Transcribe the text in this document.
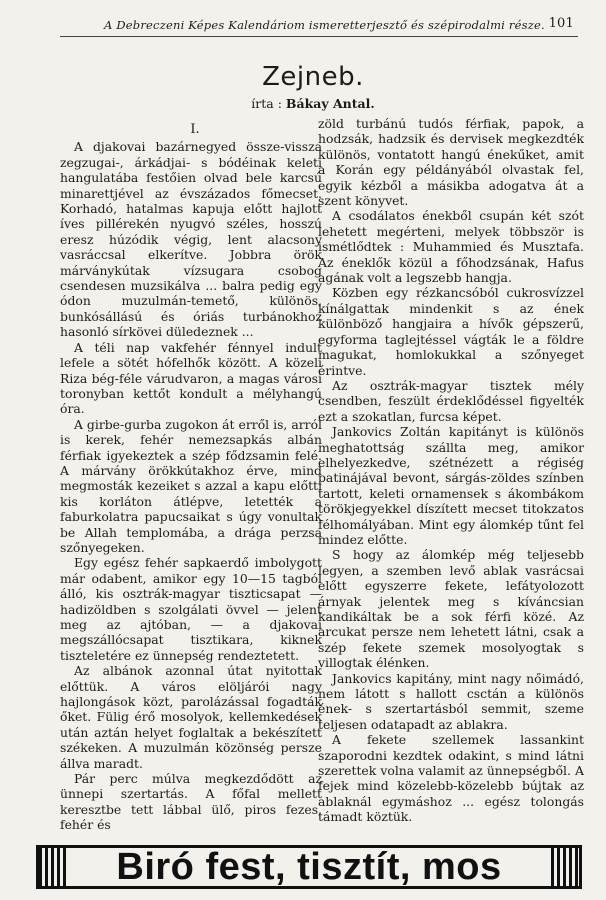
A Debreczeni Képes Kalendáriom ismeretterjesztő és szépirodalmi része. 101
Zejneb.
írta : Bákay Antal.
I.

A djakovai bazárnegyed össze-vissza zegzugai-, árkádjai- s bódéinak keleti hangulatába festőien olvad bele karcsú minarettjével az évszázados főmecset. Korhadó, hatalmas kapuja előtt hajlott íves pillérekén nyugvó széles, hosszú eresz húzódik végig, lent alacsony vasráccsal elkerítve. Jobbra örök márványkútak vízsugara csobog csendesen muzsikálva ... balra pedig egy ódon muzulmán-temető, különös, bunkósállású és óriás turbánokhoz hasonló sírkövei düledeznek ...

A téli nap vakfehér fénnyel indult lefele a sötét hófelhők között. A közeli Riza bég-féle várudvaron, a magas városi toronyban kettőt kondult a mélyhangú óra.

A girbe-gurba zugokon át erről is, arról is kerek, fehér nemezsapkás albán férfiak igyekeztek a szép fődzsamin felé. A márvány örökkútakhoz érve, mind megmosták kezeiket s azzal a kapu előtti kis korláton átlépve, letették a faburkolatra papucsaikat s úgy vonultak be Allah templomába, a drága perzsa szőnyegeken.

Egy egész fehér sapkaerdő imbolygott már odabent, amikor egy 10—15 tagból álló, kis osztrák-magyar tiszticsapat — hadizöldben s szolgálati övvel — jelent meg az ajtóban, — a djakovai megszállócsapat tisztikara, kiknek tiszteletére ez ünnepség rendeztetett.

Az albánok azonnal útat nyitottak előttük. A város elöljárói nagy hajlongások közt, parolázással fogadták őket. Fülig érő mosolyok, kellemkedések után aztán helyet foglaltak a bekészített székeken. A muzulmán közönség persze állva maradt.

Pár perc múlva megkezdődött az ünnepi szertartás. A főfal mellett keresztbe tett lábbal ülő, piros fezes, fehér és

zöld turbánú tudós férfiak, papok, a hodzsák, hadzsik és dervisek megkezdték különös, vontatott hangú énekűket, amit a Korán egy példányából olvastak fel, egyik kézből a másikba adogatva át a szent könyvet.

A csodálatos énekből csupán két szót lehetett megérteni, melyek többször is ismétlődtek : Muhammied és Musztafa. Az éneklők közül a főhodzsának, Hafus agának volt a legszebb hangja.

Közben egy rézkancsóból cukrosvízzel kínálgattak mindenkit s az ének különböző hangjaira a hívők gépszerű, egyforma taglejtéssel vágták le a földre magukat, homlokukkal a szőnyeget érintve.

Az osztrák-magyar tisztek mély csendben, feszült érdeklődéssel figyelték ezt a szokatlan, furcsa képet.

Jankovics Zoltán kapitányt is különös meghatottság szállta meg, amikor elhelyezkedve, szétnézett a régiség patinájával bevont, sárgás-zöldes színben tartott, keleti ornamensek s ákombákom törökjegyekkel díszített mecset titokzatos félhomályában. Mint egy álomkép tűnt fel mindez előtte.

S hogy az álomkép még teljesebb legyen, a szemben levő ablak vasrácsai előtt egyszerre fekete, lefátyolozott árnyak jelentek meg s kíváncsian kandikáltak be a sok férfi közé. Az arcukat persze nem lehetett látni, csak a szép fekete szemek mosolyogtak s villogtak élénken.

Jankovics kapitány, mint nagy nőimádó, nem látott s hallott csctán a különös ének- s szertartásból semmit, szeme teljesen odatapadt az ablakra.

A fekete szellemek lassankint szaporodni kezdtek odakint, s mind látni szerettek volna valamit az ünnepségből. A fejek mind közelebb-közelebb bújtak az ablaknál egymáshoz ... egész tolongás támadt köztük.

Biró fest, tisztít, mos
